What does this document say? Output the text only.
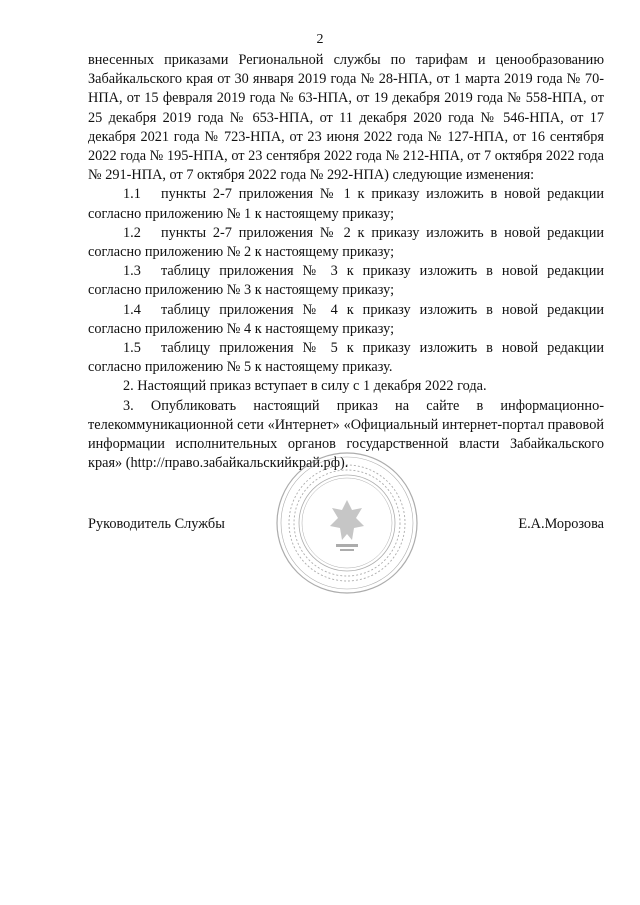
2

внесенных приказами Региональной службы по тарифам и ценообразованию Забайкальского края от 30 января 2019 года № 28-НПА, от 1 марта 2019 года № 70-НПА, от 15 февраля 2019 года № 63-НПА, от 19 декабря 2019 года № 558-НПА, от 25 декабря 2019 года № 653-НПА, от 11 декабря 2020 года № 546-НПА, от 17 декабря 2021 года № 723-НПА, от 23 июня 2022 года № 127-НПА, от 16 сентября 2022 года № 195-НПА, от 23 сентября 2022 года № 212-НПА, от 7 октября 2022 года № 291-НПА, от 7 октября 2022 года № 292-НПА) следующие изменения:

1.1 пункты 2-7 приложения № 1 к приказу изложить в новой редакции согласно приложению № 1 к настоящему приказу;

1.2 пункты 2-7 приложения № 2 к приказу изложить в новой редакции согласно приложению № 2 к настоящему приказу;

1.3 таблицу приложения № 3 к приказу изложить в новой редакции согласно приложению № 3 к настоящему приказу;

1.4 таблицу приложения № 4 к приказу изложить в новой редакции согласно приложению № 4 к настоящему приказу;

1.5 таблицу приложения № 5 к приказу изложить в новой редакции согласно приложению № 5 к настоящему приказу.

2. Настоящий приказ вступает в силу с 1 декабря 2022 года.

3. Опубликовать настоящий приказ на сайте в информационно-телекоммуникационной сети «Интернет» «Официальный интернет-портал правовой информации исполнительных органов государственной власти Забайкальского края» (http://право.забайкальскийкрай.рф).

Руководитель Службы	Е.А.Морозова
